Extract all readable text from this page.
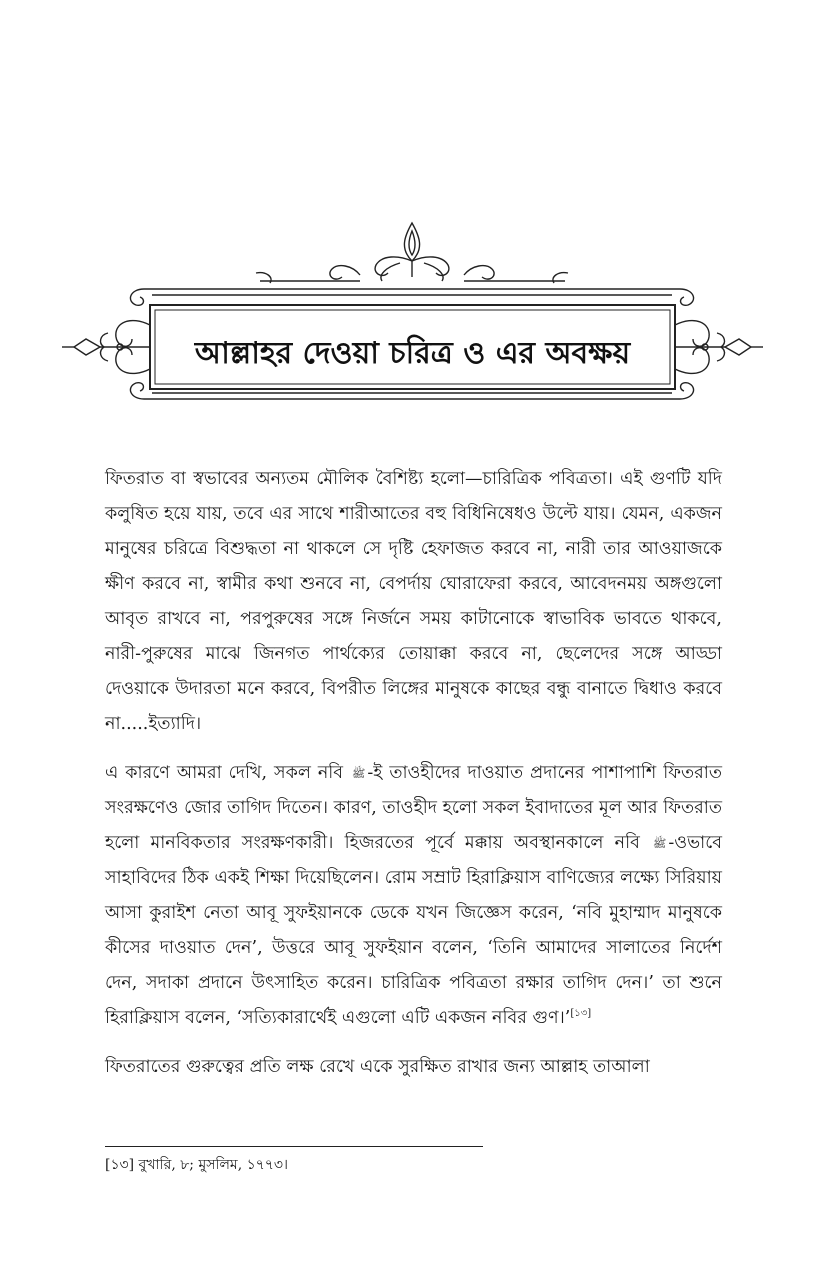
আল্লাহর দেওয়া চরিত্র ও এর অবক্ষয়

ফিতরাত বা স্বভাবের অন্যতম মৌলিক বৈশিষ্ট্য হলো—চারিত্রিক পবিত্রতা। এই গুণটি যদি কলুষিত হয়ে যায়, তবে এর সাথে শারীআতের বহু বিধিনিষেধও উল্টে যায়। যেমন, একজন মানুষের চরিত্রে বিশুদ্ধতা না থাকলে সে দৃষ্টি হেফাজত করবে না, নারী তার আওয়াজকে ক্ষীণ করবে না, স্বামীর কথা শুনবে না, বেপর্দায় ঘোরাফেরা করবে, আবেদনময় অঙ্গগুলো আবৃত রাখবে না, পরপুরুষের সঙ্গে নির্জনে সময় কাটানোকে স্বাভাবিক ভাবতে থাকবে, নারী-পুরুষের মাঝে জিনগত পার্থক্যের তোয়াক্কা করবে না, ছেলেদের সঙ্গে আড্ডা দেওয়াকে উদারতা মনে করবে, বিপরীত লিঙ্গের মানুষকে কাছের বন্ধু বানাতে দ্বিধাও করবে না.....ইত্যাদি।

এ কারণে আমরা দেখি, সকল নবি ﷺ -ই তাওহীদের দাওয়াত প্রদানের পাশাপাশি ফিতরাত সংরক্ষণেও জোর তাগিদ দিতেন। কারণ, তাওহীদ হলো সকল ইবাদাতের মূল আর ফিতরাত হলো মানবিকতার সংরক্ষণকারী। হিজরতের পূর্বে মক্কায় অবস্থানকালে নবি ﷺ -ওভাবে সাহাবিদের ঠিক একই শিক্ষা দিয়েছিলেন। রোম সম্রাট হিরাক্লিয়াস বাণিজ্যের লক্ষ্যে সিরিয়ায় আসা কুরাইশ নেতা আবূ সুফইয়ানকে ডেকে যখন জিজ্ঞেস করেন, ‘নবি মুহাম্মাদ মানুষকে কীসের দাওয়াত দেন’, উত্তরে আবূ সুফইয়ান বলেন, ‘তিনি আমাদের সালাতের নির্দেশ দেন, সদাকা প্রদানে উৎসাহিত করেন। চারিত্রিক পবিত্রতা রক্ষার তাগিদ দেন।’ তা শুনে হিরাক্লিয়াস বলেন, ‘সত্যিকারার্থেই এগুলো এটি একজন নবির গুণ।’[১৩]

ফিতরাতের গুরুত্বের প্রতি লক্ষ রেখে একে সুরক্ষিত রাখার জন্য আল্লাহ তাআলা

[১৩] বুখারি, ৮; মুসলিম, ১৭৭৩।
